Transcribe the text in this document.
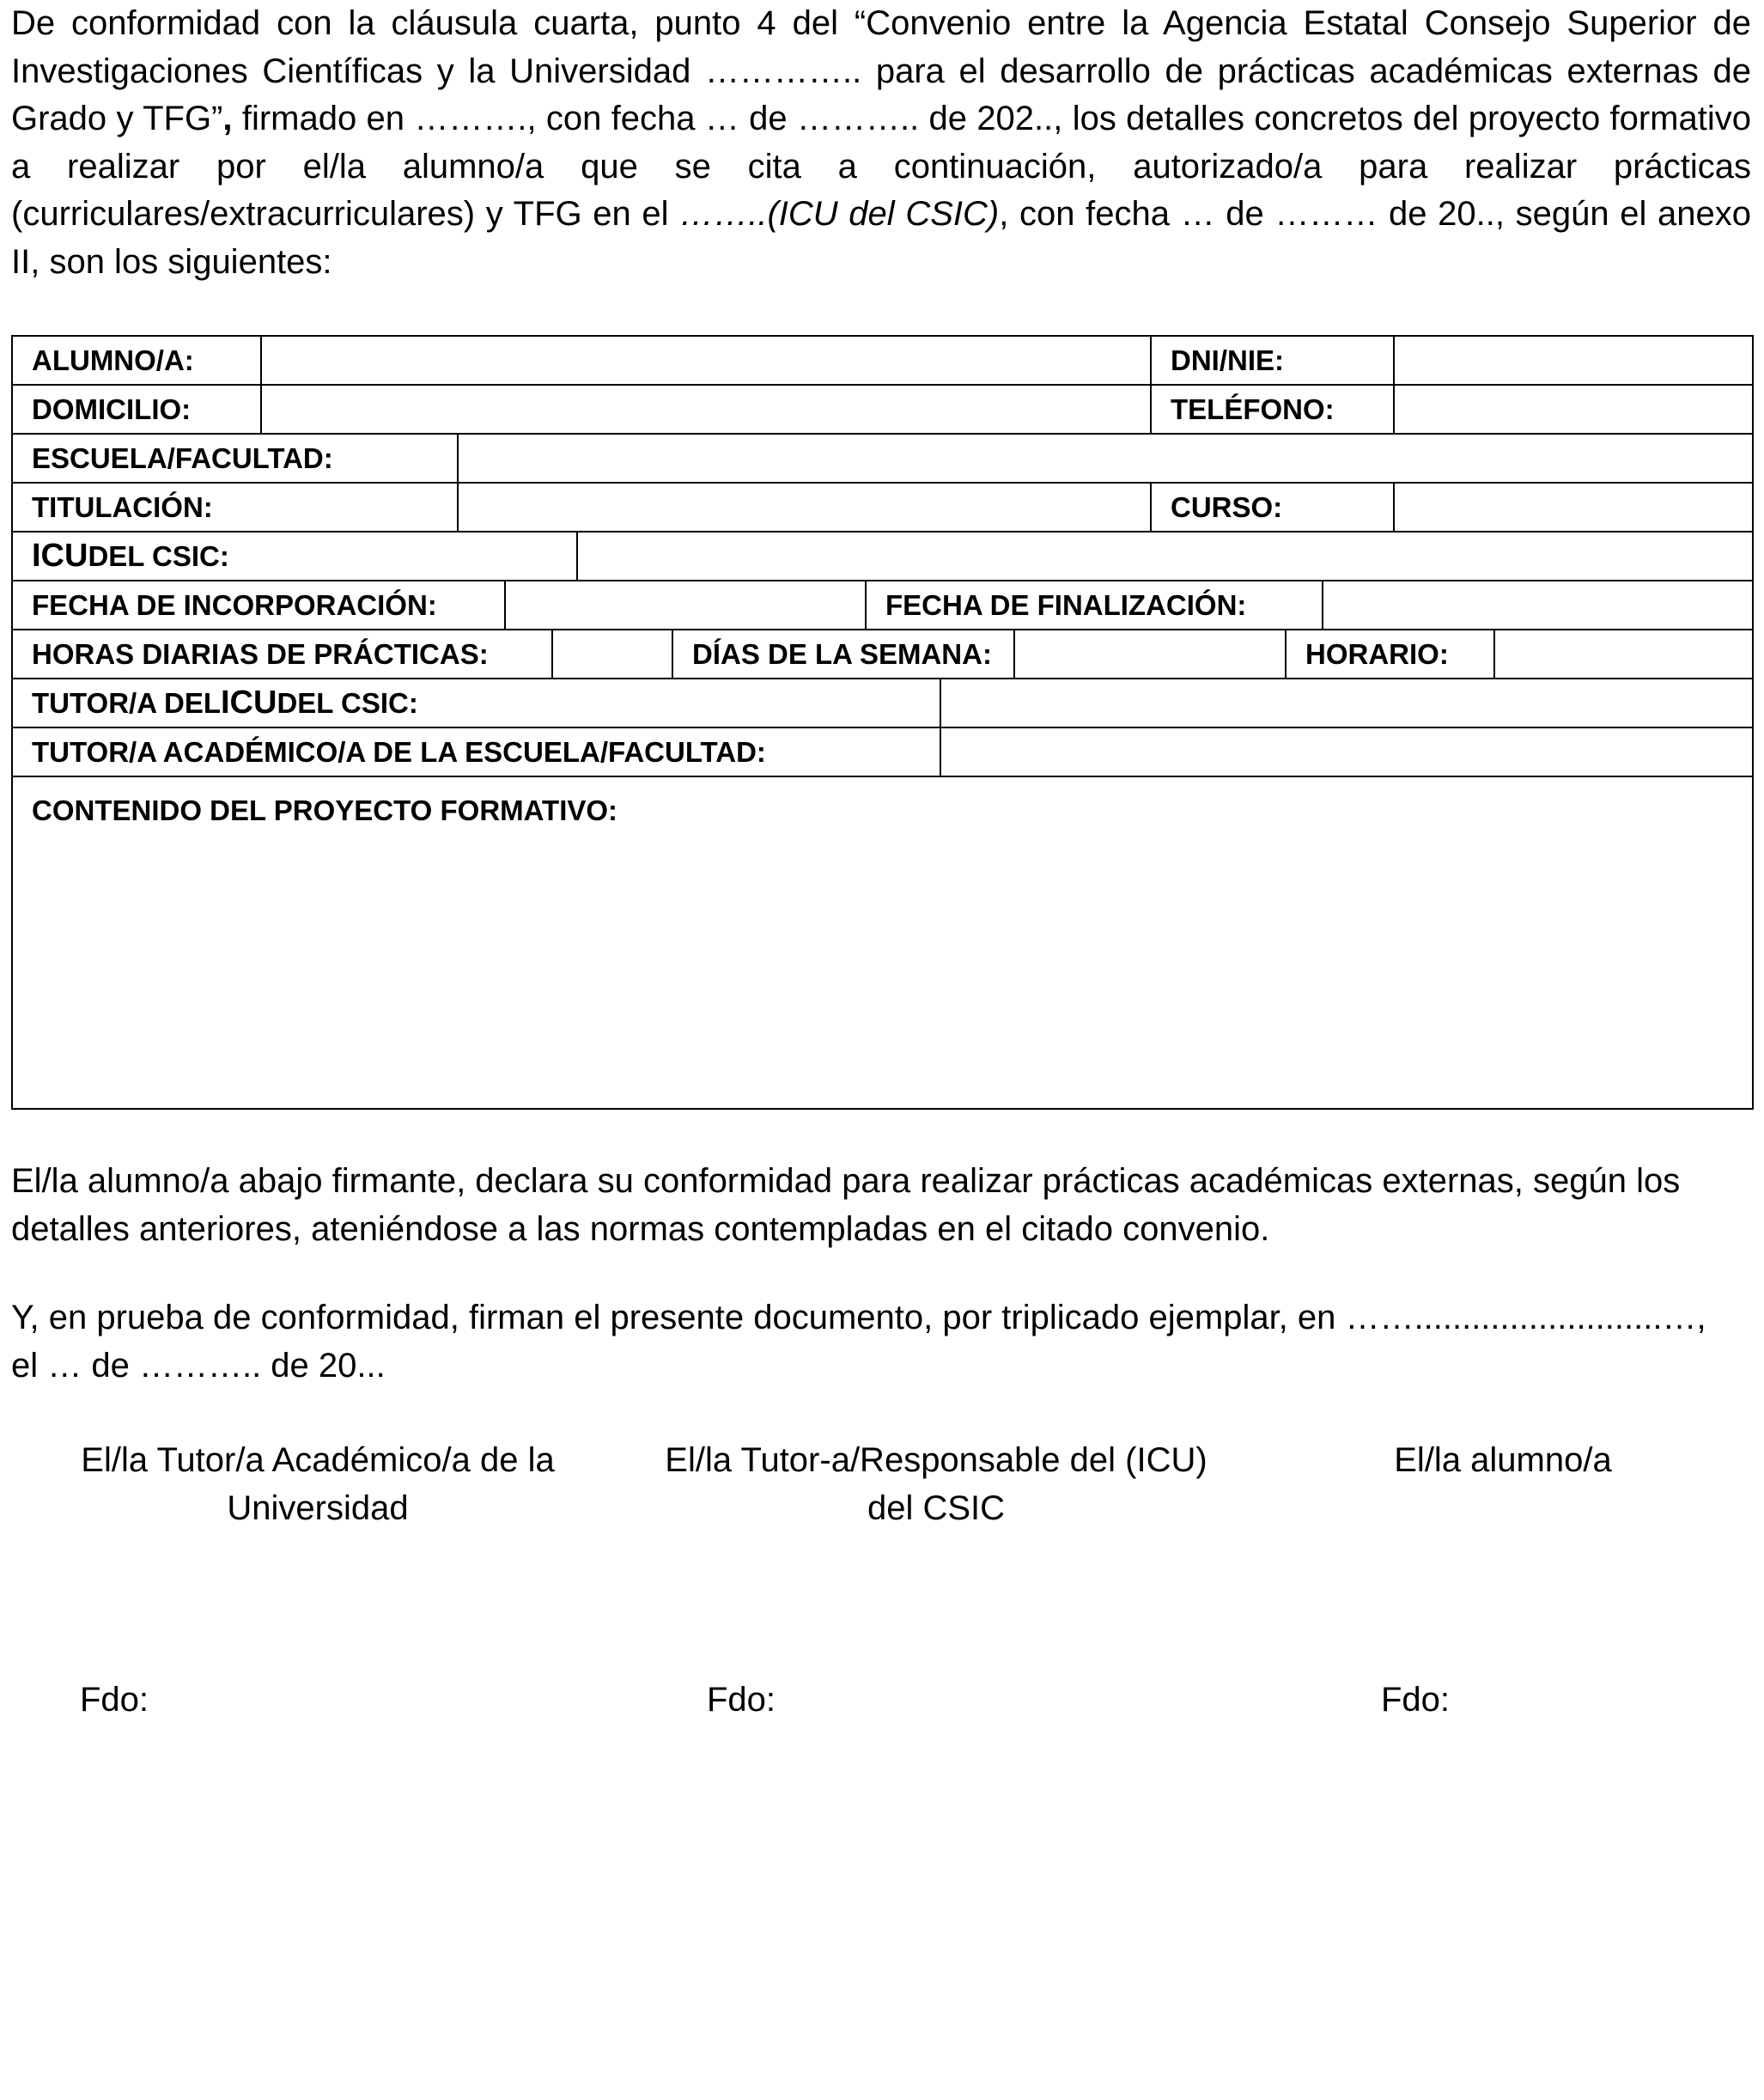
De conformidad con la cláusula cuarta, punto 4 del “Convenio entre la Agencia Estatal Consejo Superior de Investigaciones Científicas y la Universidad ………….. para el desarrollo de prácticas académicas externas de Grado y TFG”, firmado en ………., con fecha … de ……….. de 202.., los detalles concretos del proyecto formativo a realizar por el/la alumno/a que se cita a continuación, autorizado/a para realizar prácticas (curriculares/extracurriculares) y TFG en el ……..(ICU del CSIC), con fecha … de ……… de 20.., según el anexo II, son los siguientes:

ALUMNO/A:	DNI/NIE:
DOMICILIO:	TELÉFONO:
ESCUELA/FACULTAD:
TITULACIÓN:	CURSO:
ICU DEL CSIC:
FECHA DE INCORPORACIÓN:	FECHA DE FINALIZACIÓN:
HORAS DIARIAS DE PRÁCTICAS:	DÍAS DE LA SEMANA:	HORARIO:
TUTOR/A DEL ICU DEL CSIC:
TUTOR/A ACADÉMICO/A DE LA ESCUELA/FACULTAD:
CONTENIDO DEL PROYECTO FORMATIVO:

El/la alumno/a abajo firmante, declara su conformidad para realizar prácticas académicas externas, según los detalles anteriores, ateniéndose a las normas contempladas en el citado convenio.

Y, en prueba de conformidad, firman el presente documento, por triplicado ejemplar, en ……..........................…,
el … de ……….. de 20...

El/la Tutor/a Académico/a de la
Universidad
El/la Tutor-a/Responsable del (ICU)
del CSIC
El/la alumno/a
Fdo:	Fdo:	Fdo:
